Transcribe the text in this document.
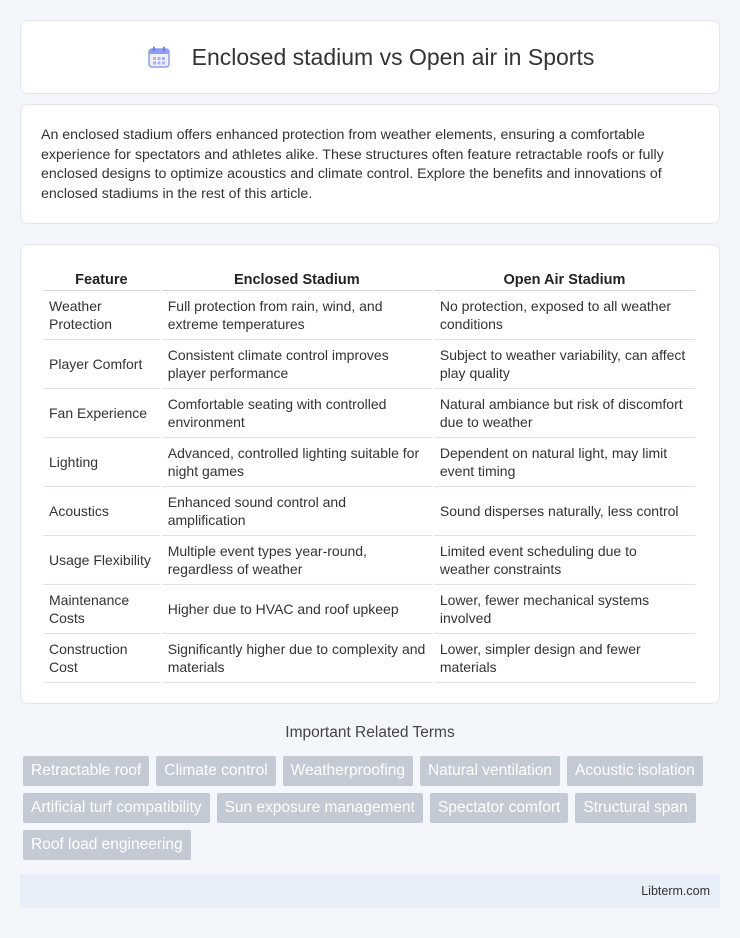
Enclosed stadium vs Open air in Sports

An enclosed stadium offers enhanced protection from weather elements, ensuring a comfortable experience for spectators and athletes alike. These structures often feature retractable roofs or fully enclosed designs to optimize acoustics and climate control. Explore the benefits and innovations of enclosed stadiums in the rest of this article.

Feature	Enclosed Stadium	Open Air Stadium
Weather Protection	Full protection from rain, wind, and extreme temperatures	No protection, exposed to all weather conditions
Player Comfort	Consistent climate control improves player performance	Subject to weather variability, can affect play quality
Fan Experience	Comfortable seating with controlled environment	Natural ambiance but risk of discomfort due to weather
Lighting	Advanced, controlled lighting suitable for night games	Dependent on natural light, may limit event timing
Acoustics	Enhanced sound control and amplification	Sound disperses naturally, less control
Usage Flexibility	Multiple event types year-round, regardless of weather	Limited event scheduling due to weather constraints
Maintenance Costs	Higher due to HVAC and roof upkeep	Lower, fewer mechanical systems involved
Construction Cost	Significantly higher due to complexity and materials	Lower, simpler design and fewer materials
Important Related Terms
Retractable roof	Climate control	Weatherproofing	Natural ventilation	Acoustic isolation
Artificial turf compatibility	Sun exposure management	Spectator comfort	Structural span
Roof load engineering
Libterm.com
